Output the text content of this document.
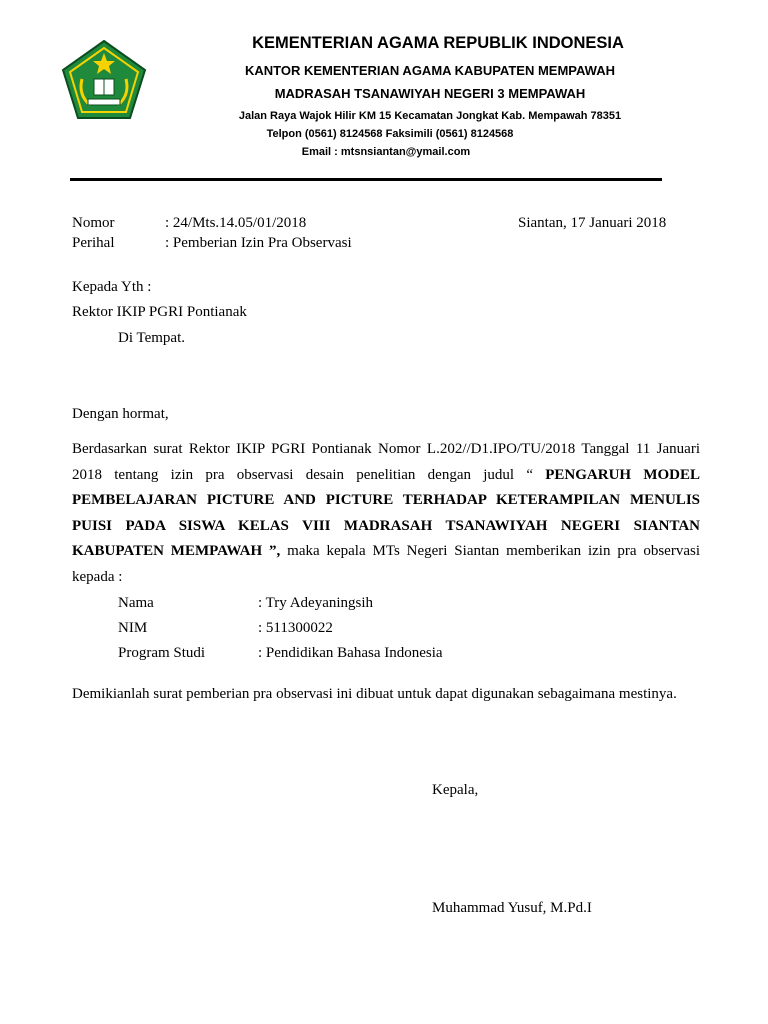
KEMENTERIAN AGAMA REPUBLIK INDONESIA
KANTOR KEMENTERIAN AGAMA KABUPATEN MEMPAWAH
MADRASAH TSANAWIYAH NEGERI 3 MEMPAWAH
Jalan Raya Wajok Hilir KM 15 Kecamatan Jongkat Kab. Mempawah 78351
Telpon (0561) 8124568 Faksimili (0561) 8124568
Email : mtsnsiantan@ymail.com
Nomor	: 24/Mts.14.05/01/2018	Siantan, 17 Januari 2018
Perihal	: Pemberian Izin Pra Observasi
Kepada Yth :
Rektor IKIP PGRI Pontianak
Di Tempat.
Dengan hormat,
Berdasarkan surat Rektor IKIP PGRI Pontianak Nomor L.202//D1.IPO/TU/2018 Tanggal 11 Januari 2018 tentang izin pra observasi desain penelitian dengan judul “ PENGARUH MODEL PEMBELAJARAN PICTURE AND PICTURE TERHADAP KETERAMPILAN MENULIS PUISI PADA SISWA KELAS VIII MADRASAH TSANAWIYAH NEGERI SIANTAN KABUPATEN MEMPAWAH ”, maka kepala MTs Negeri Siantan memberikan izin pra observasi kepada :
Nama	: Try Adeyaningsih
NIM	: 511300022
Program Studi	: Pendidikan Bahasa Indonesia
Demikianlah surat pemberian pra observasi ini dibuat untuk dapat digunakan sebagaimana mestinya.
Kepala,
Muhammad Yusuf, M.Pd.I
